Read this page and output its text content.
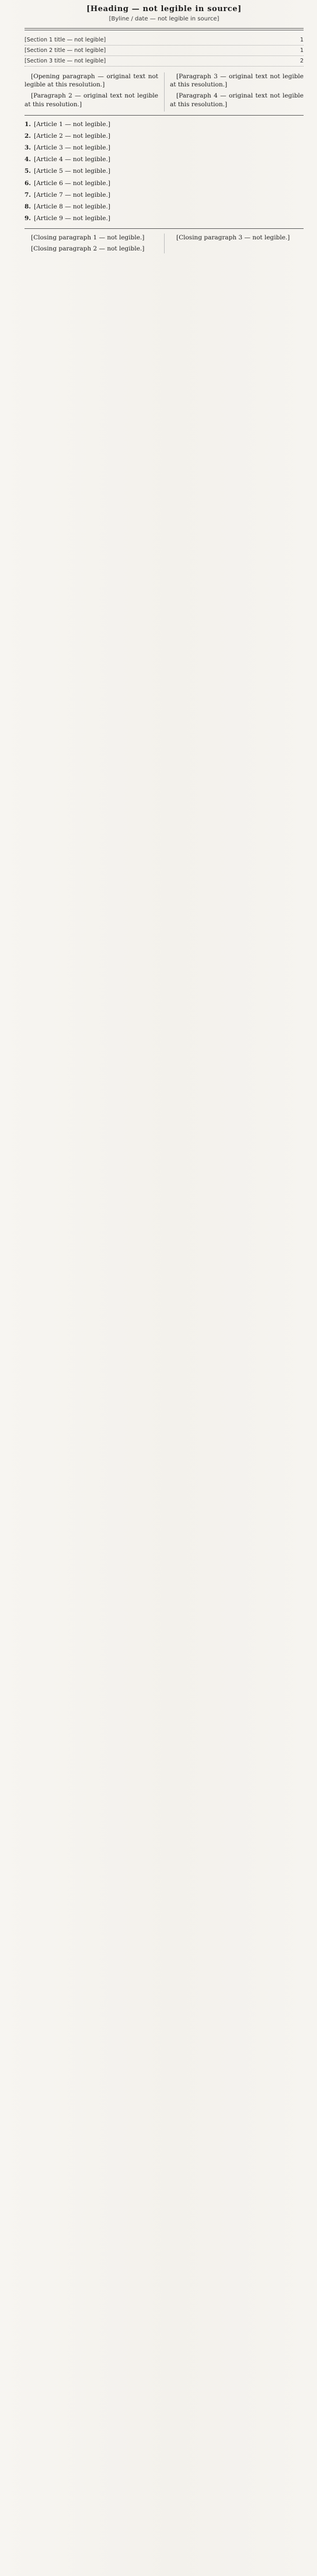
[Heading — not legible in source]
[Byline / date — not legible in source]
[Section 1 title — not legible]	1
[Section 2 title — not legible]	1
[Section 3 title — not legible]	2

[Opening paragraph — original text not legible at this resolution.]

[Paragraph 2 — original text not legible at this resolution.]

[Paragraph 3 — original text not legible at this resolution.]

[Paragraph 4 — original text not legible at this resolution.]

1. [Article 1 — not legible.]
2. [Article 2 — not legible.]
3. [Article 3 — not legible.]
4. [Article 4 — not legible.]
5. [Article 5 — not legible.]
6. [Article 6 — not legible.]
7. [Article 7 — not legible.]
8. [Article 8 — not legible.]
9. [Article 9 — not legible.]

[Closing paragraph 1 — not legible.]

[Closing paragraph 2 — not legible.]

[Closing paragraph 3 — not legible.]
